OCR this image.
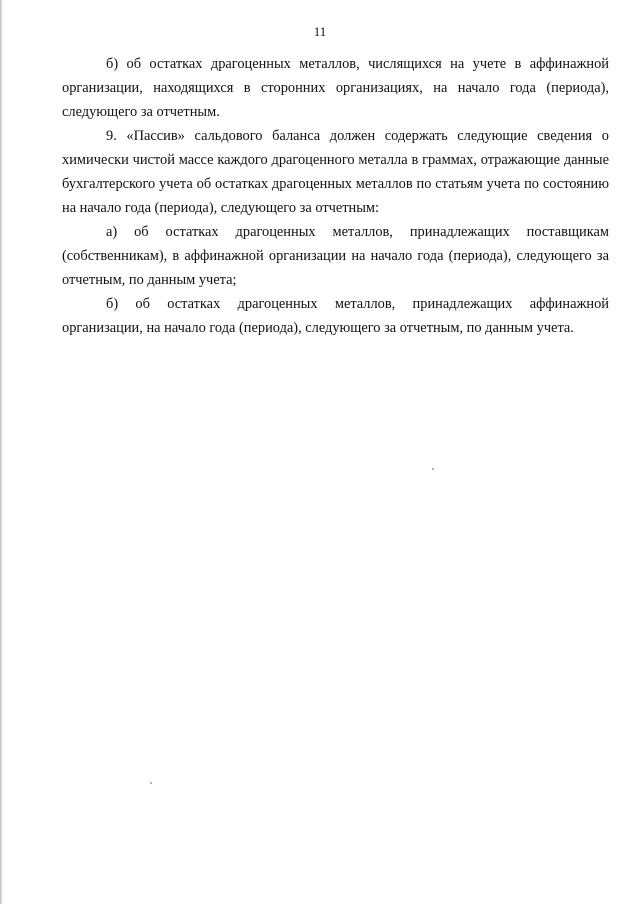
11

б) об остатках драгоценных металлов, числящихся на учете в аффинажной организации, находящихся в сторонних организациях, на начало года (периода), следующего за отчетным.

9. «Пассив» сальдового баланса должен содержать следующие сведения о химически чистой массе каждого драгоценного металла в граммах, отражающие данные бухгалтерского учета об остатках драгоценных металлов по статьям учета по состоянию на начало года (периода), следующего за отчетным:

а) об остатках драгоценных металлов, принадлежащих поставщикам (собственникам), в аффинажной организации на начало года (периода), следующего за отчетным, по данным учета;

б) об остатках драгоценных металлов, принадлежащих аффинажной организации, на начало года (периода), следующего за отчетным, по данным учета.
